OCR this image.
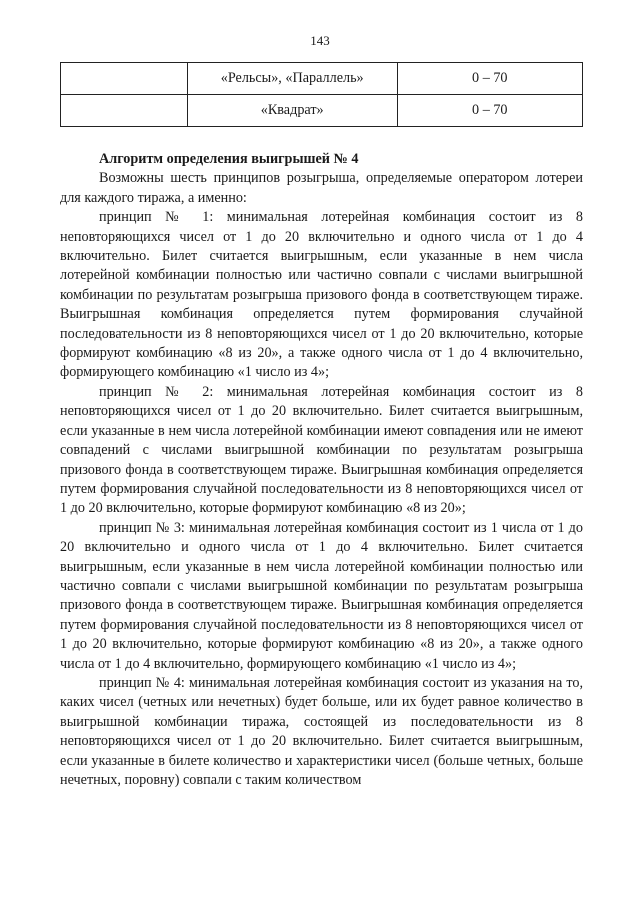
143
	«Рельсы», «Параллель»	0 – 70
	«Квадрат»	0 – 70

Алгоритм определения выигрышей № 4

Возможны шесть принципов розыгрыша, определяемые оператором лотереи для каждого тиража, а именно:

принцип № 1: минимальная лотерейная комбинация состоит из 8 неповторяющихся чисел от 1 до 20 включительно и одного числа от 1 до 4 включительно. Билет считается выигрышным, если указанные в нем числа лотерейной комбинации полностью или частично совпали с числами выигрышной комбинации по результатам розыгрыша призового фонда в соответствующем тираже. Выигрышная комбинация определяется путем формирования случайной последовательности из 8 неповторяющихся чисел от 1 до 20 включительно, которые формируют комбинацию «8 из 20», а также одного числа от 1 до 4 включительно, формирующего комбинацию «1 число из 4»;

принцип № 2: минимальная лотерейная комбинация состоит из 8 неповторяющихся чисел от 1 до 20 включительно. Билет считается выигрышным, если указанные в нем числа лотерейной комбинации имеют совпадения или не имеют совпадений с числами выигрышной комбинации по результатам розыгрыша призового фонда в соответствующем тираже. Выигрышная комбинация определяется путем формирования случайной последовательности из 8 неповторяющихся чисел от 1 до 20 включительно, которые формируют комбинацию «8 из 20»;

принцип № 3: минимальная лотерейная комбинация состоит из 1 числа от 1 до 20 включительно и одного числа от 1 до 4 включительно. Билет считается выигрышным, если указанные в нем числа лотерейной комбинации полностью или частично совпали с числами выигрышной комбинации по результатам розыгрыша призового фонда в соответствующем тираже. Выигрышная комбинация определяется путем формирования случайной последовательности из 8 неповторяющихся чисел от 1 до 20 включительно, которые формируют комбинацию «8 из 20», а также одного числа от 1 до 4 включительно, формирующего комбинацию «1 число из 4»;

принцип № 4: минимальная лотерейная комбинация состоит из указания на то, каких чисел (четных или нечетных) будет больше, или их будет равное количество в выигрышной комбинации тиража, состоящей из последовательности из 8 неповторяющихся чисел от 1 до 20 включительно. Билет считается выигрышным, если указанные в билете количество и характеристики чисел (больше четных, больше нечетных, поровну) совпали с таким количеством
